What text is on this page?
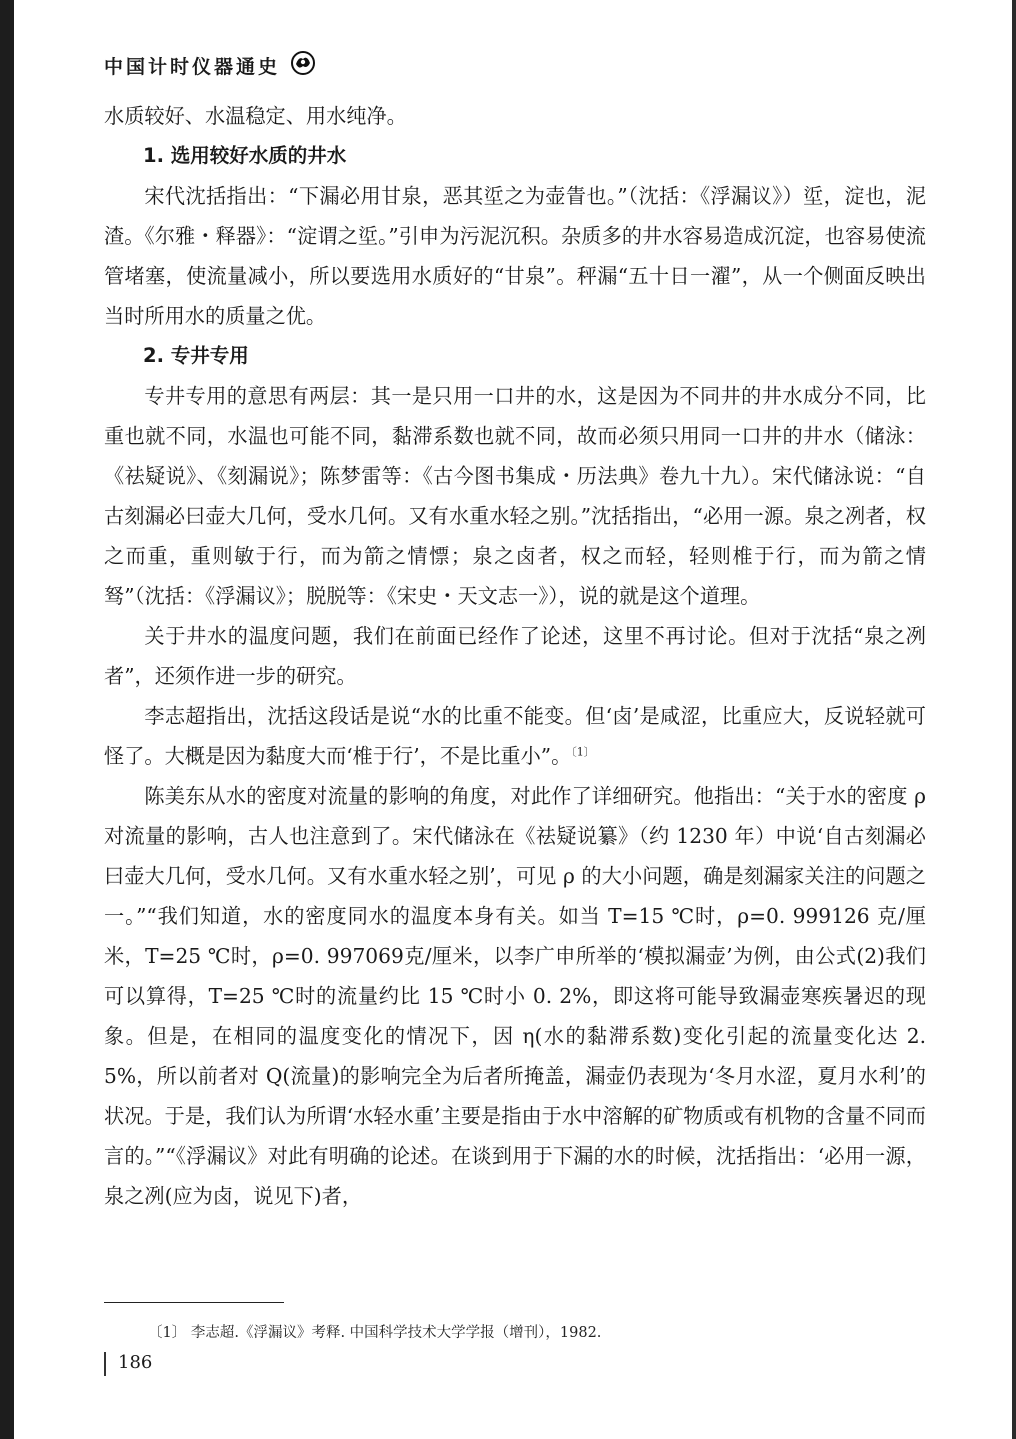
中国计时仪器通史

水质较好、水温稳定、用水纯净。

1. 选用较好水质的井水

宋代沈括指出：“下漏必用甘泉，恶其垽之为壶眚也。”（沈括：《浮漏议》）垽，淀也，泥渣。《尔雅・释器》：“淀谓之垽。”引申为污泥沉积。杂质多的井水容易造成沉淀，也容易使流管堵塞，使流量减小，所以要选用水质好的“甘泉”。秤漏“五十日一濯”，从一个侧面反映出当时所用水的质量之优。

2. 专井专用

专井专用的意思有两层：其一是只用一口井的水，这是因为不同井的井水成分不同，比重也就不同，水温也可能不同，黏滞系数也就不同，故而必须只用同一口井的井水（储泳：《祛疑说》、《刻漏说》；陈梦雷等：《古今图书集成・历法典》卷九十九）。宋代储泳说：“自古刻漏必曰壶大几何，受水几何。又有水重水轻之别。”沈括指出，“必用一源。泉之冽者，权之而重，重则敏于行，而为箭之情慓；泉之卤者，权之而轻，轻则椎于行，而为箭之情驽”（沈括：《浮漏议》；脱脱等：《宋史・天文志一》），说的就是这个道理。

关于井水的温度问题，我们在前面已经作了论述，这里不再讨论。但对于沈括“泉之冽者”，还须作进一步的研究。

李志超指出，沈括这段话是说“水的比重不能变。但‘卤’是咸涩，比重应大，反说轻就可怪了。大概是因为黏度大而‘椎于行’，不是比重小”。$^{〔1〕}$

陈美东从水的密度对流量的影响的角度，对此作了详细研究。他指出：“关于水的密度 ρ 对流量的影响，古人也注意到了。宋代储泳在《祛疑说纂》（约 1230 年）中说‘自古刻漏必曰壶大几何，受水几何。又有水重水轻之别’，可见 ρ 的大小问题，确是刻漏家关注的问题之一。”“我们知道，水的密度同水的温度本身有关。如当 T=15 ℃时，ρ=0. 999126 克/厘米，T=25 ℃时，ρ=0. 997069克/厘米，以李广申所举的‘模拟漏壶’为例，由公式(2)我们可以算得，T=25 ℃时的流量约比 15 ℃时小 0. 2%，即这将可能导致漏壶寒疾暑迟的现象。但是，在相同的温度变化的情况下，因 η(水的黏滞系数)变化引起的流量变化达 2. 5%，所以前者对 Q(流量)的影响完全为后者所掩盖，漏壶仍表现为‘冬月水涩，夏月水利’的状况。于是，我们认为所谓‘水轻水重’主要是指由于水中溶解的矿物质或有机物的含量不同而言的。”“《浮漏议》对此有明确的论述。在谈到用于下漏的水的时候，沈括指出：‘必用一源，泉之冽(应为卤，说见下)者，

〔1〕 李志超.《浮漏议》考释. 中国科学技术大学学报（增刊），1982.
186
